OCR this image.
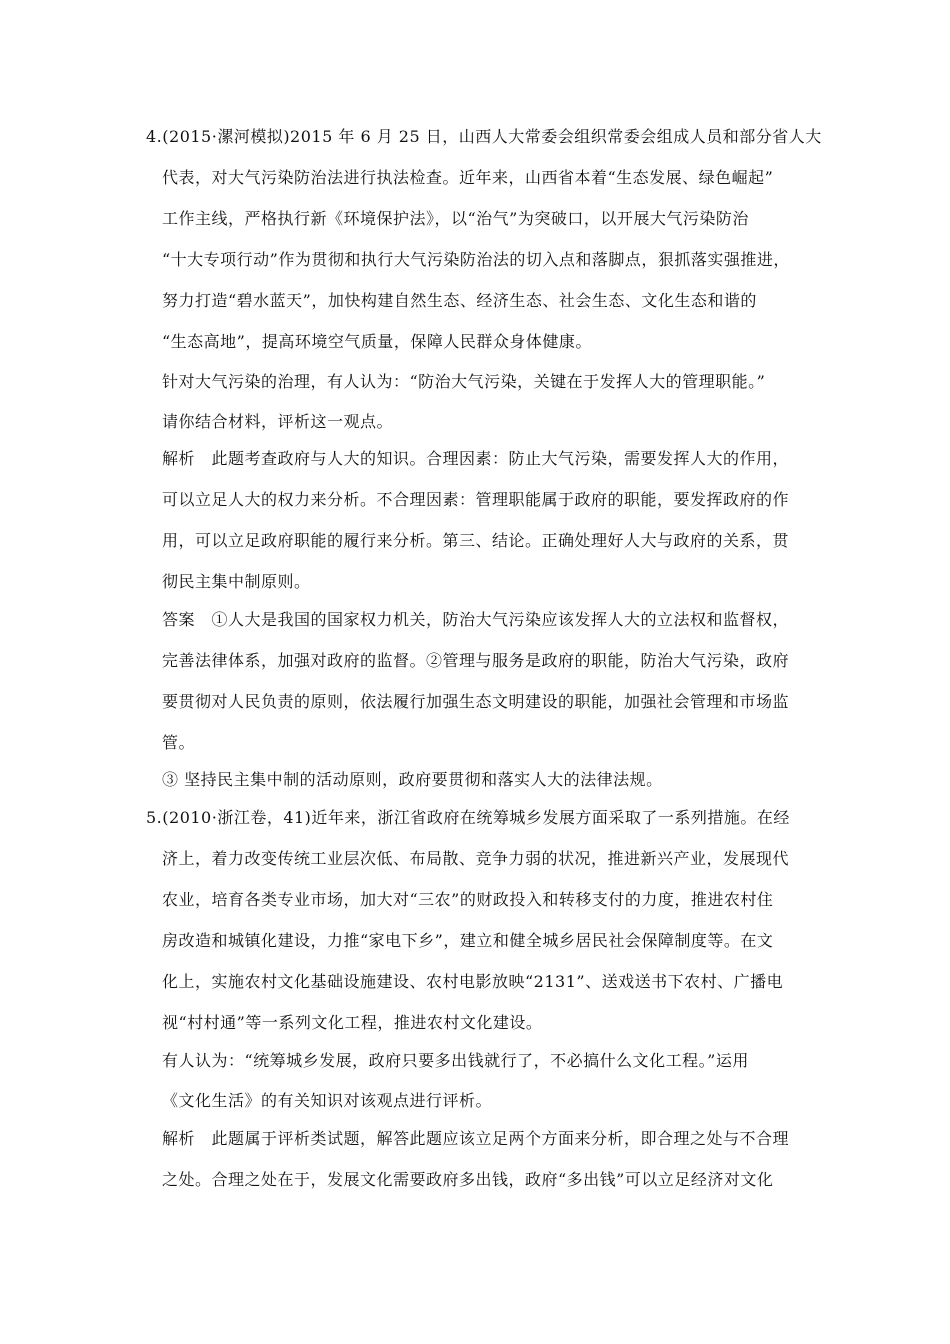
4.(2015·漯河模拟)2015 年 6 月 25 日，山西人大常委会组织常委会组成人员和部分省人大
代表，对大气污染防治法进行执法检查。近年来，山西省本着“生态发展、绿色崛起”
工作主线，严格执行新《环境保护法》，以“治气”为突破口，以开展大气污染防治
“十大专项行动”作为贯彻和执行大气污染防治法的切入点和落脚点，狠抓落实强推进，
努力打造“碧水蓝天”，加快构建自然生态、经济生态、社会生态、文化生态和谐的
“生态高地”，提高环境空气质量，保障人民群众身体健康。
针对大气污染的治理，有人认为：“防治大气污染，关键在于发挥人大的管理职能。”
请你结合材料，评析这一观点。
解析　此题考查政府与人大的知识。合理因素：防止大气污染，需要发挥人大的作用，
可以立足人大的权力来分析。不合理因素：管理职能属于政府的职能，要发挥政府的作
用，可以立足政府职能的履行来分析。第三、结论。正确处理好人大与政府的关系，贯
彻民主集中制原则。
答案　①人大是我国的国家权力机关，防治大气污染应该发挥人大的立法权和监督权，
完善法律体系，加强对政府的监督。②管理与服务是政府的职能，防治大气污染，政府
要贯彻对人民负责的原则，依法履行加强生态文明建设的职能，加强社会管理和市场监
管。
③ 坚持民主集中制的活动原则，政府要贯彻和落实人大的法律法规。
5.(2010·浙江卷，41)近年来，浙江省政府在统筹城乡发展方面采取了一系列措施。在经
济上，着力改变传统工业层次低、布局散、竞争力弱的状况，推进新兴产业，发展现代
农业，培育各类专业市场，加大对“三农”的财政投入和转移支付的力度，推进农村住
房改造和城镇化建设，力推“家电下乡”，建立和健全城乡居民社会保障制度等。在文
化上，实施农村文化基础设施建设、农村电影放映“2131”、送戏送书下农村、广播电
视“村村通”等一系列文化工程，推进农村文化建设。
有人认为：“统筹城乡发展，政府只要多出钱就行了，不必搞什么文化工程。”运用
《文化生活》的有关知识对该观点进行评析。
解析　此题属于评析类试题，解答此题应该立足两个方面来分析，即合理之处与不合理
之处。合理之处在于，发展文化需要政府多出钱，政府“多出钱”可以立足经济对文化
